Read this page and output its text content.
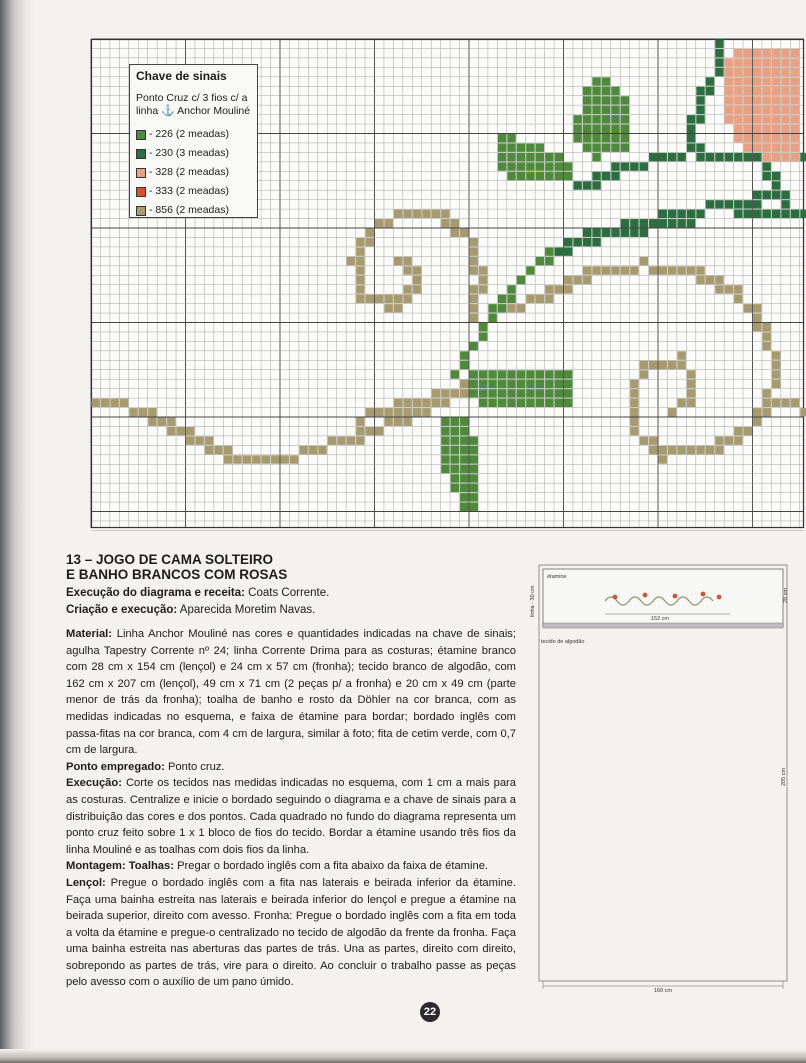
Chave de sinais
Ponto Cruz c/ 3 fios c/ a
linha ⚓ Anchor Mouliné
- 226 (2 meadas)
- 230 (3 meadas)
- 328 (2 meadas)
- 333 (2 meadas)
- 856 (2 meadas)
13 – JOGO DE CAMA SOLTEIRO
E BANHO BRANCOS COM ROSAS
Execução do diagrama e receita: Coats Corrente.
Criação e execução: Aparecida Moretim Navas.

Material: Linha Anchor Mouliné nas cores e quantidades indicadas na chave de sinais; agulha Tapestry Corrente nº 24; linha Corrente Drima para as costuras; étamine branco com 28 cm x 154 cm (lençol) e 24 cm x 57 cm (fronha); tecido branco de algodão, com 162 cm x 207 cm (lençol), 49 cm x 71 cm (2 peças p/ a fronha) e 20 cm x 49 cm (parte menor de trás da fronha); toalha de banho e rosto da Döhler na cor branca, com as medidas indicadas no esquema, e faixa de étamine para bordar; bordado inglês com passa-fitas na cor branca, com 4 cm de largura, similar à foto; fita de cetim verde, com 0,7 cm de largura.

Ponto empregado: Ponto cruz.

Execução: Corte os tecidos nas medidas indicadas no esquema, com 1 cm a mais para as costuras. Centralize e inicie o bordado seguindo o diagrama e a chave de sinais para a distribuição das cores e dos pontos. Cada quadrado no fundo do diagrama representa um ponto cruz feito sobre 1 x 1 bloco de fios do tecido. Bordar a étamine usando três fios da linha Mouliné e as toalhas com dois fios da linha.

Montagem: Toalhas: Pregar o bordado inglês com a fita abaixo da faixa de étamine.

Lençol: Pregue o bordado inglês com a fita nas laterais e beirada inferior da étamine. Faça uma bainha estreita nas laterais e beirada inferior do lençol e pregue a étamine na beirada superior, direito com avesso. Fronha: Pregue o bordado inglês com a fita em toda a volta da étamine e pregue-o centralizado no tecido de algodão da frente da fronha. Faça uma bainha estreita nas aberturas das partes de trás. Una as partes, direito com direito, sobrepondo as partes de trás, vire para o direito. Ao concluir o trabalho passe as peças pelo avesso com o auxílio de um pano úmido.

152 cm
étamine
tecido de algodão
linha - 30 cm	28 cm
205 cm
160 cm
22
